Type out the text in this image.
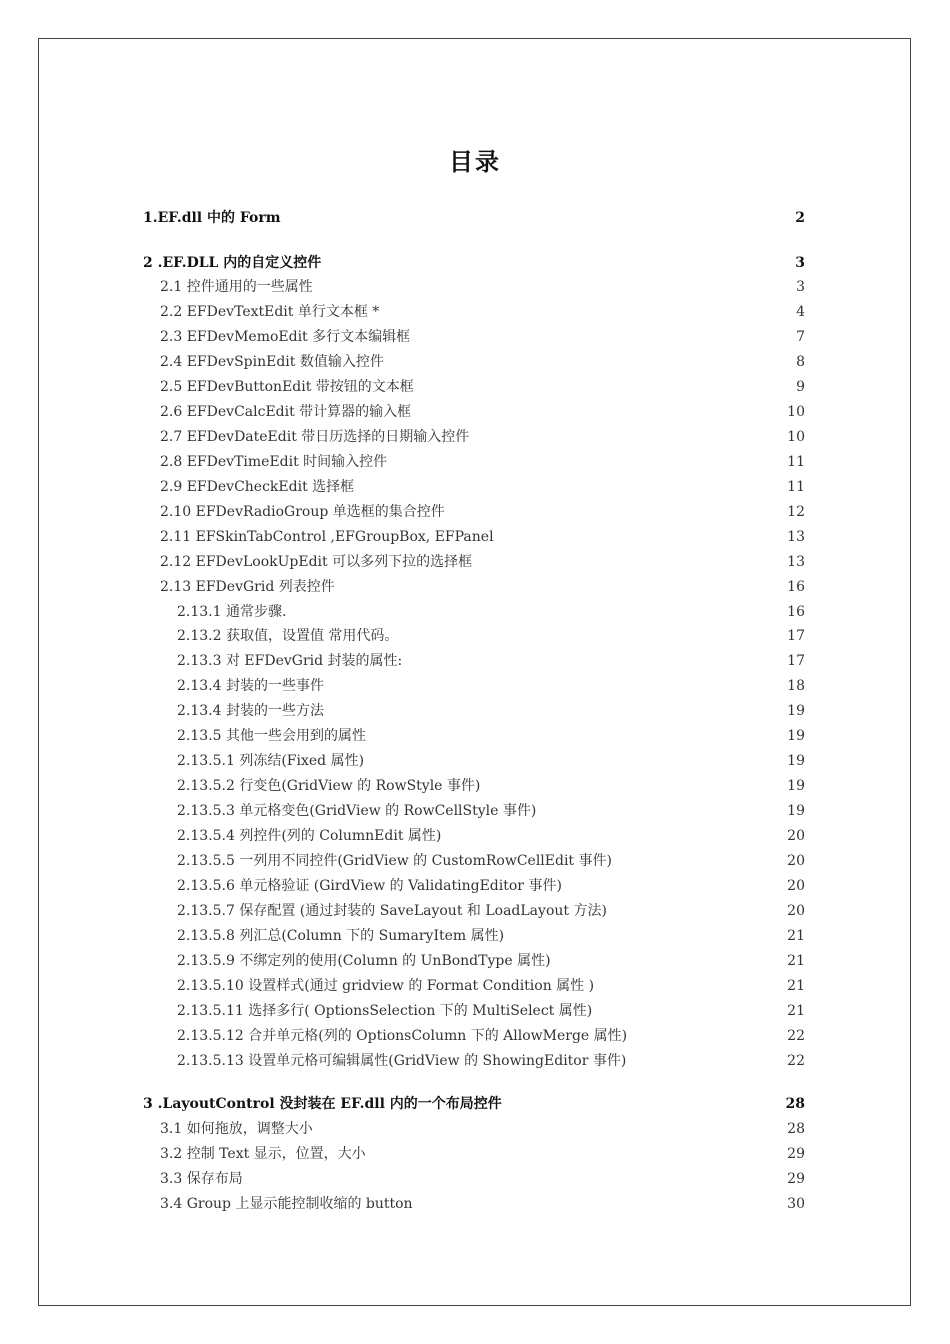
目录
1.EF.dll 中的 Form	2
2 .EF.DLL 内的自定义控件	3
2.1 控件通用的一些属性	3
2.2 EFDevTextEdit 单行文本框 *	4
2.3 EFDevMemoEdit 多行文本编辑框	7
2.4 EFDevSpinEdit 数值输入控件	8
2.5 EFDevButtonEdit 带按钮的文本框	9
2.6 EFDevCalcEdit 带计算器的输入框	10
2.7 EFDevDateEdit 带日历选择的日期输入控件	10
2.8 EFDevTimeEdit 时间输入控件	11
2.9 EFDevCheckEdit 选择框	11
2.10 EFDevRadioGroup 单选框的集合控件	12
2.11 EFSkinTabControl ,EFGroupBox, EFPanel	13
2.12 EFDevLookUpEdit 可以多列下拉的选择框	13
2.13 EFDevGrid 列表控件	16
2.13.1 通常步骤.	16
2.13.2 获取值，设置值 常用代码。	17
2.13.3 对 EFDevGrid 封装的属性:	17
2.13.4 封装的一些事件	18
2.13.4 封装的一些方法	19
2.13.5 其他一些会用到的属性	19
2.13.5.1 列冻结(Fixed 属性)	19
2.13.5.2 行变色(GridView 的 RowStyle 事件)	19
2.13.5.3 单元格变色(GridView 的 RowCellStyle 事件)	19
2.13.5.4 列控件(列的 ColumnEdit 属性)	20
2.13.5.5 一列用不同控件(GridView 的 CustomRowCellEdit 事件)	20
2.13.5.6 单元格验证 (GirdView 的 ValidatingEditor 事件)	20
2.13.5.7 保存配置 (通过封装的 SaveLayout 和 LoadLayout 方法)	20
2.13.5.8 列汇总(Column 下的 SumaryItem 属性)	21
2.13.5.9 不绑定列的使用(Column 的 UnBondType 属性)	21
2.13.5.10 设置样式(通过 gridview 的 Format Condition 属性 )	21
2.13.5.11 选择多行( OptionsSelection 下的 MultiSelect 属性)	21
2.13.5.12 合并单元格(列的 OptionsColumn 下的 AllowMerge 属性)	22
2.13.5.13 设置单元格可编辑属性(GridView 的 ShowingEditor 事件)	22
3 .LayoutControl 没封装在 EF.dll 内的一个布局控件	28
3.1 如何拖放，调整大小	28
3.2 控制 Text 显示，位置，大小	29
3.3 保存布局	29
3.4 Group 上显示能控制收缩的 button	30
